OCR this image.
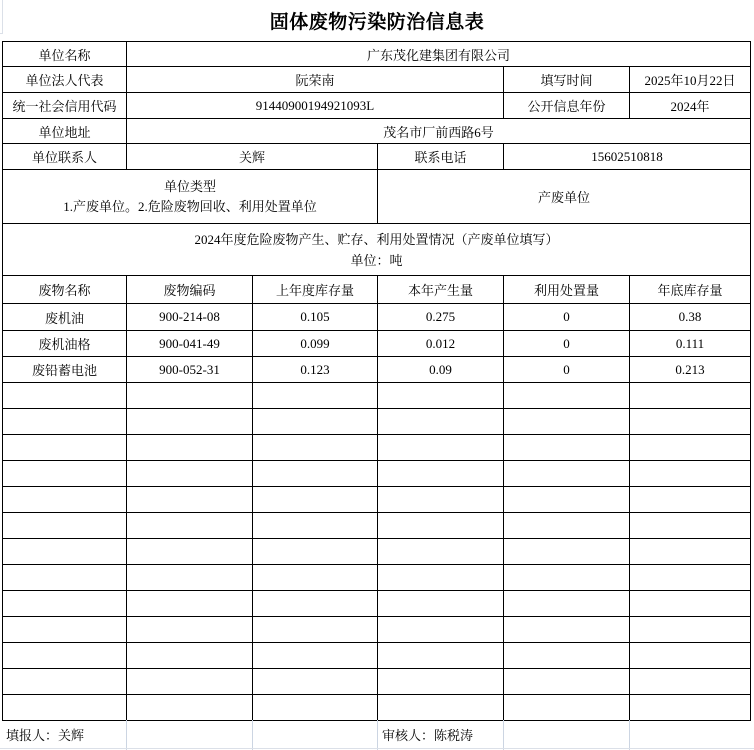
固体废物污染防治信息表
单位名称	广东茂化建集团有限公司				
单位法人代表	阮荣南			填写时间	2025年10月22日
统一社会信用代码	91440900194921093L			公开信息年份	2024年
单位地址	茂名市厂前西路6号				
单位联系人	关辉		联系电话	15602510818	

单位类型
1.产废单位。2.危险废物回收、利用处置单位			产废单位		

2024年度危险废物产生、贮存、利用处置情况（产废单位填写）
单位：吨					

废物名称	废物编码	上年度库存量	本年产生量	利用处置量	年底库存量
废机油	900-214-08	0.105	0.275	0	0.38
废机油格	900-041-49	0.099	0.012	0	0.111
废铅蓄电池	900-052-31	0.123	0.09	0	0.213

填报人：关辉	审核人：陈税涛
